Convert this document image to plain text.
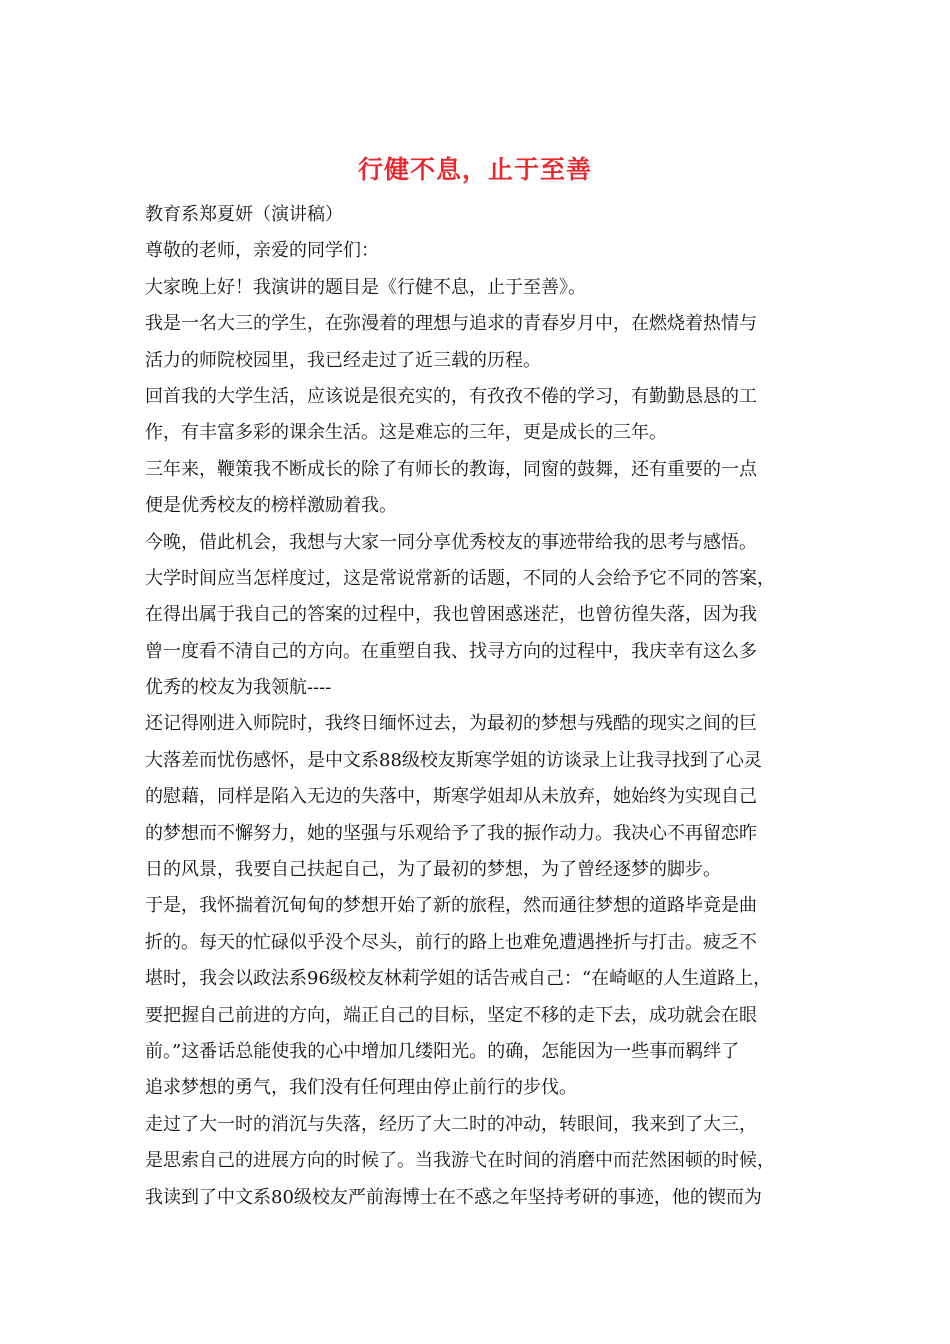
行健不息，止于至善
教育系郑夏妍（演讲稿）
尊敬的老师，亲爱的同学们：
大家晚上好！我演讲的题目是《行健不息，止于至善》。
我是一名大三的学生，在弥漫着的理想与追求的青春岁月中，在燃烧着热情与
活力的师院校园里，我已经走过了近三载的历程。
回首我的大学生活，应该说是很充实的，有孜孜不倦的学习，有勤勤恳恳的工
作，有丰富多彩的课余生活。这是难忘的三年，更是成长的三年。
三年来，鞭策我不断成长的除了有师长的教诲，同窗的鼓舞，还有重要的一点
便是优秀校友的榜样激励着我。
今晚，借此机会，我想与大家一同分享优秀校友的事迹带给我的思考与感悟。
大学时间应当怎样度过，这是常说常新的话题，不同的人会给予它不同的答案，
在得出属于我自己的答案的过程中，我也曾困惑迷茫，也曾彷徨失落，因为我
曾一度看不清自己的方向。在重塑自我、找寻方向的过程中，我庆幸有这么多
优秀的校友为我领航----
还记得刚进入师院时，我终日缅怀过去，为最初的梦想与残酷的现实之间的巨
大落差而忧伤感怀，是中文系88级校友斯寒学姐的访谈录上让我寻找到了心灵
的慰藉，同样是陷入无边的失落中，斯寒学姐却从未放弃，她始终为实现自己
的梦想而不懈努力，她的坚强与乐观给予了我的振作动力。我决心不再留恋昨
日的风景，我要自己扶起自己，为了最初的梦想，为了曾经逐梦的脚步。
于是，我怀揣着沉甸甸的梦想开始了新的旅程，然而通往梦想的道路毕竟是曲
折的。每天的忙碌似乎没个尽头，前行的路上也难免遭遇挫折与打击。疲乏不
堪时，我会以政法系96级校友林莉学姐的话告戒自己：“在崎岖的人生道路上，
要把握自己前进的方向，端正自己的目标，坚定不移的走下去，成功就会在眼
前。”这番话总能使我的心中增加几缕阳光。的确，怎能因为一些事而羁绊了
追求梦想的勇气，我们没有任何理由停止前行的步伐。
走过了大一时的消沉与失落，经历了大二时的冲动，转眼间，我来到了大三，
是思索自己的进展方向的时候了。当我游弋在时间的消磨中而茫然困顿的时候，
我读到了中文系80级校友严前海博士在不惑之年坚持考研的事迹，他的锲而为
